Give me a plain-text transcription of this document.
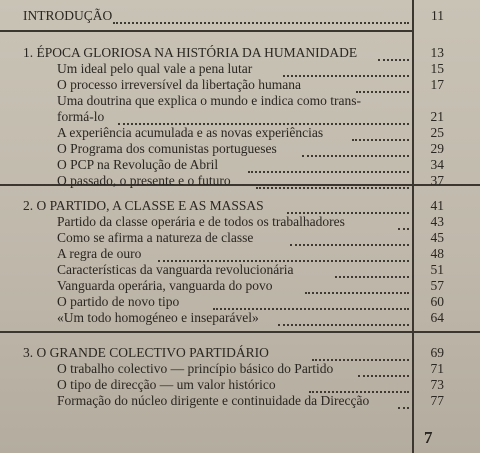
INTRODUÇÃO	11
1. ÉPOCA GLORIOSA NA HISTÓRIA DA HUMANIDADE	13
Um ideal pelo qual vale a pena lutar	15
O processo irreversível da libertação humana	17
Uma doutrina que explica o mundo e indica como trans-
formá-lo	21
A experiência acumulada e as novas experiências	25
O Programa dos comunistas portugueses	29
O PCP na Revolução de Abril	34
O passado, o presente e o futuro	37
2. O PARTIDO, A CLASSE E AS MASSAS	41
Partido da classe operária e de todos os trabalhadores	43
Como se afirma a natureza de classe	45
A regra de ouro	48
Características da vanguarda revolucionária	51
Vanguarda operária, vanguarda do povo	57
O partido de novo tipo	60
«Um todo homogéneo e inseparável»	64
3. O GRANDE COLECTIVO PARTIDÁRIO	69
O trabalho colectivo — princípio básico do Partido	71
O tipo de direcção — um valor histórico	73
Formação do núcleo dirigente e continuidade da Direcção	77
7
